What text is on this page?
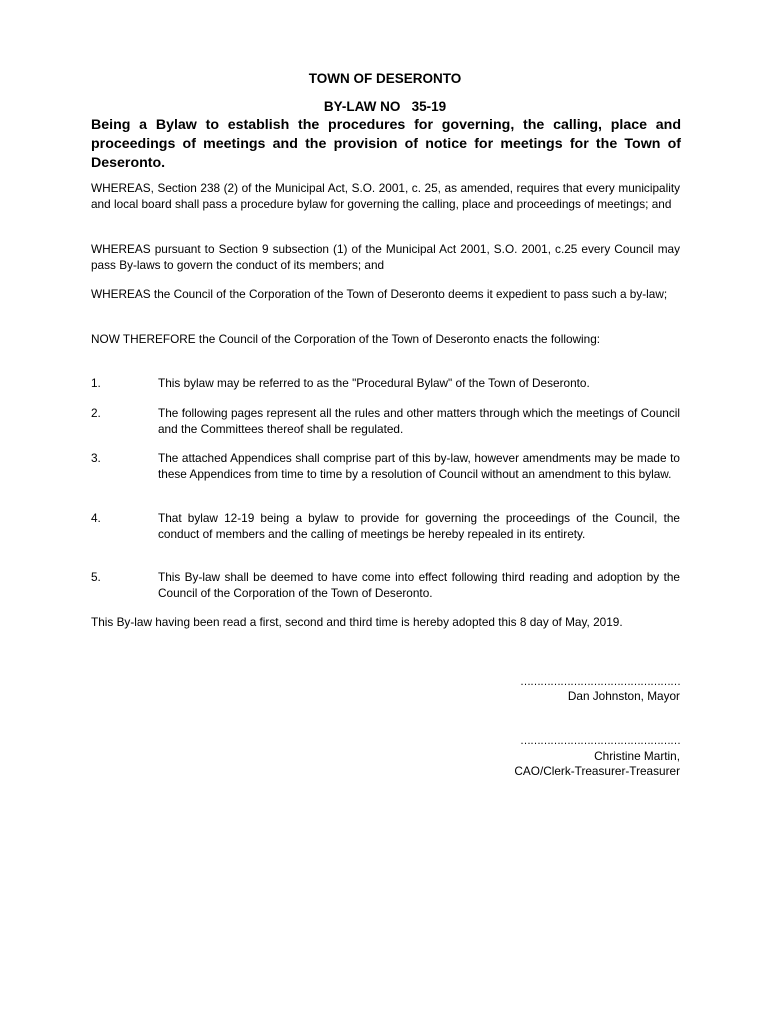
TOWN OF DESERONTO

BY-LAW NO   35-19

Being a Bylaw to establish the procedures for governing, the calling, place and proceedings of meetings and the provision of notice for meetings for the Town of Deseronto.

WHEREAS, Section 238 (2) of the Municipal Act, S.O. 2001, c. 25, as amended, requires that every municipality and local board shall pass a procedure bylaw for governing the calling, place and proceedings of meetings; and

WHEREAS pursuant to Section 9 subsection (1) of the Municipal Act 2001, S.O. 2001, c.25 every Council may pass By-laws to govern the conduct of its members; and

WHEREAS the Council of the Corporation of the Town of Deseronto deems it expedient to pass such a by-law;

NOW THEREFORE the Council of the Corporation of the Town of Deseronto enacts the following:

1.	This bylaw may be referred to as the "Procedural Bylaw" of the Town of Deseronto.
2.	The following pages represent all the rules and other matters through which the meetings of Council and the Committees thereof shall be regulated.
3.	The attached Appendices shall comprise part of this by-law, however amendments may be made to these Appendices from time to time by a resolution of Council without an amendment to this bylaw.
4.	That bylaw 12-19 being a bylaw to provide for governing the proceedings of the Council, the conduct of members and the calling of meetings be hereby repealed in its entirety.
5.	This By-law shall be deemed to have come into effect following third reading and adoption by the Council of the Corporation of the Town of Deseronto.

This By-law having been read a first, second and third time is hereby adopted this 8 day of May, 2019.

…………………………………………

Dan Johnston, Mayor

…………………………………………

Christine Martin,

CAO/Clerk-Treasurer-Treasurer
